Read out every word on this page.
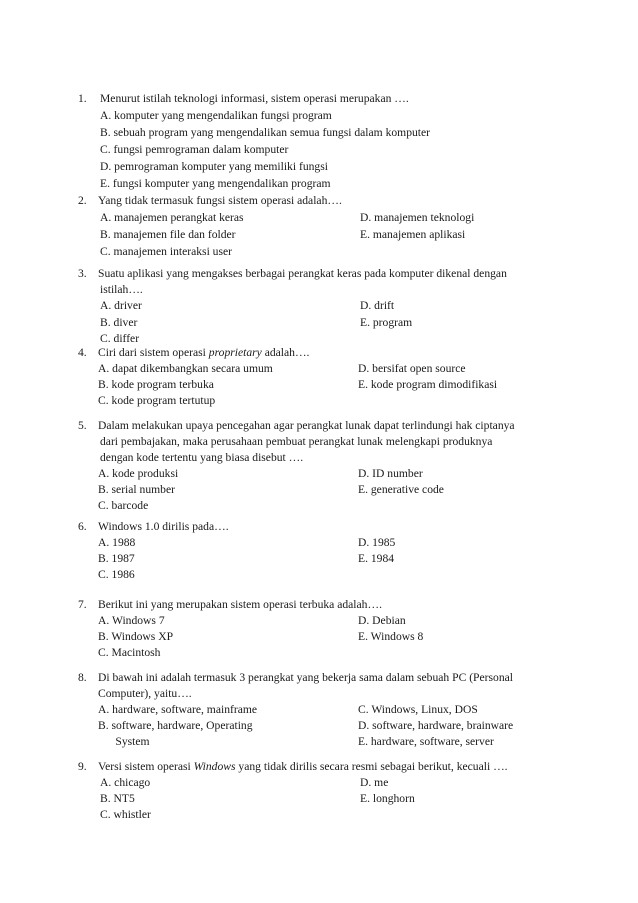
1. Menurut istilah teknologi informasi, sistem operasi merupakan ….
A. komputer yang mengendalikan fungsi program
B. sebuah program yang mengendalikan semua fungsi dalam komputer
C. fungsi pemrograman dalam komputer
D. pemrograman komputer yang memiliki fungsi
E. fungsi komputer yang mengendalikan program
2. Yang tidak termasuk fungsi sistem operasi adalah….
A. manajemen perangkat keras
B. manajemen file dan folder
C. manajemen interaksi user
D. manajemen teknologi
E. manajemen aplikasi
3. Suatu aplikasi yang mengakses berbagai perangkat keras pada komputer dikenal dengan
istilah….
A. driver
B. diver
C. differ
D. drift
E. program
4. Ciri dari sistem operasi proprietary adalah….
A. dapat dikembangkan secara umum
B. kode program terbuka
C. kode program tertutup
D. bersifat open source
E. kode program dimodifikasi
5. Dalam melakukan upaya pencegahan agar perangkat lunak dapat terlindungi hak ciptanya
dari pembajakan, maka perusahaan pembuat perangkat lunak melengkapi produknya
dengan kode tertentu yang biasa disebut ….
A. kode produksi
B. serial number
C. barcode
D. ID number
E. generative code
6. Windows 1.0 dirilis pada….
A. 1988
B. 1987
C. 1986
D. 1985
E. 1984
7. Berikut ini yang merupakan sistem operasi terbuka adalah….
A. Windows 7
B. Windows XP
C. Macintosh
D. Debian
E. Windows 8
8. Di bawah ini adalah termasuk 3 perangkat yang bekerja sama dalam sebuah PC (Personal
Computer), yaitu….
A. hardware, software, mainframe
B. software, hardware, Operating
System
C. Windows, Linux, DOS
D. software, hardware, brainware
E. hardware, software, server
9. Versi sistem operasi Windows yang tidak dirilis secara resmi sebagai berikut, kecuali ….
A. chicago
B. NT5
C. whistler
D. me
E. longhorn
